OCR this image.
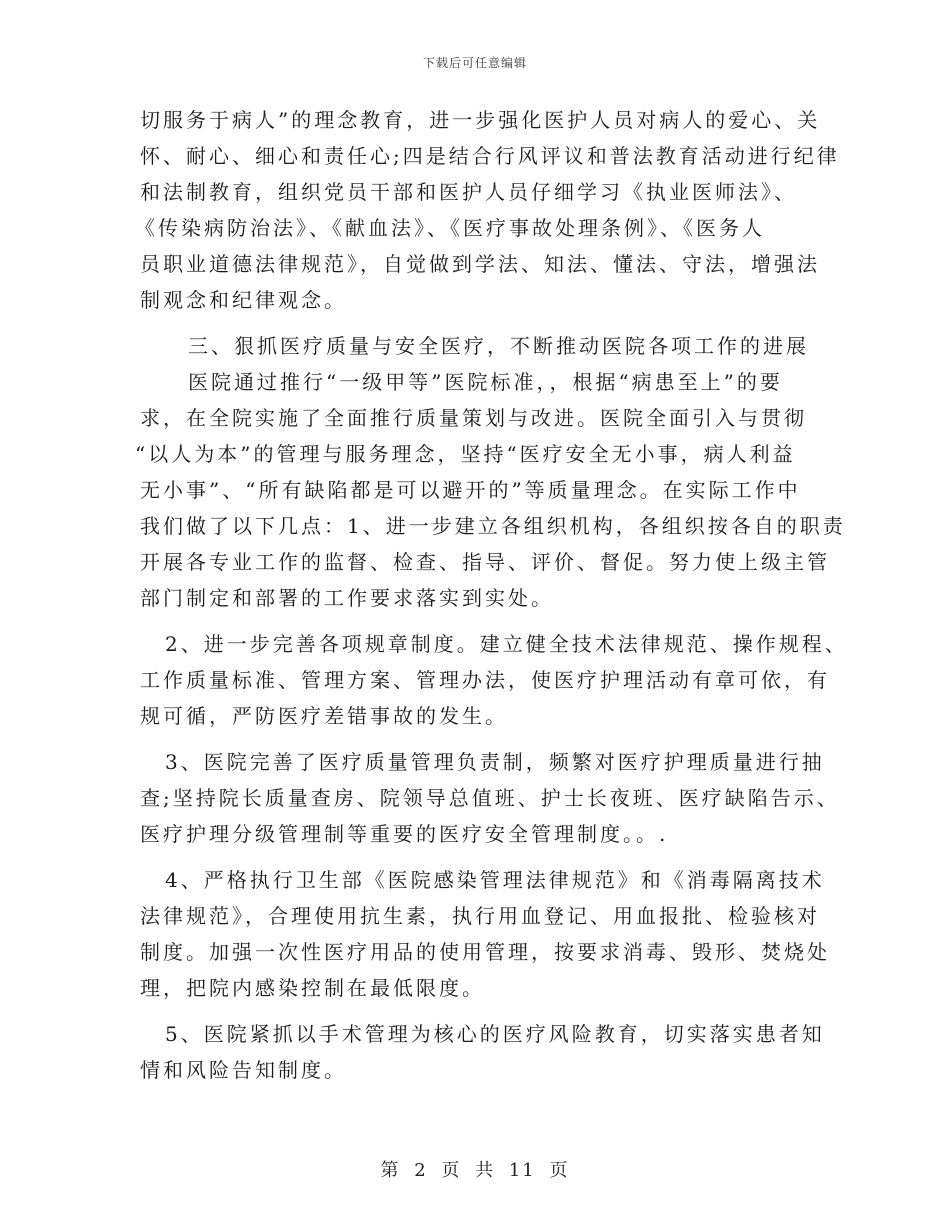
下载后可任意编辑
切服务于病人”的理念教育，进一步强化医护人员对病人的爱心、关
怀、耐心、细心和责任心;四是结合行风评议和普法教育活动进行纪律
和法制教育，组织党员干部和医护人员仔细学习《执业医师法》、
《传染病防治法》、《献血法》、《医疗事故处理条例》、《医务人
员职业道德法律规范》，自觉做到学法、知法、懂法、守法，增强法
制观念和纪律观念。
三、狠抓医疗质量与安全医疗，不断推动医院各项工作的进展
医院通过推行“一级甲等”医院标准，，根据“病患至上”的要
求，在全院实施了全面推行质量策划与改进。医院全面引入与贯彻
“以人为本”的管理与服务理念，坚持“医疗安全无小事，病人利益
无小事”、“所有缺陷都是可以避开的”等质量理念。在实际工作中
我们做了以下几点：1、进一步建立各组织机构，各组织按各自的职责
开展各专业工作的监督、检查、指导、评价、督促。努力使上级主管
部门制定和部署的工作要求落实到实处。
2、进一步完善各项规章制度。建立健全技术法律规范、操作规程、
工作质量标准、管理方案、管理办法，使医疗护理活动有章可依，有
规可循，严防医疗差错事故的发生。
3、医院完善了医疗质量管理负责制，频繁对医疗护理质量进行抽
查;坚持院长质量查房、院领导总值班、护士长夜班、医疗缺陷告示、
医疗护理分级管理制等重要的医疗安全管理制度。。.
4、严格执行卫生部《医院感染管理法律规范》和《消毒隔离技术
法律规范》，合理使用抗生素，执行用血登记、用血报批、检验核对
制度。加强一次性医疗用品的使用管理，按要求消毒、毁形、焚烧处
理，把院内感染控制在最低限度。
5、医院紧抓以手术管理为核心的医疗风险教育，切实落实患者知
情和风险告知制度。
第 2 页 共 11 页
